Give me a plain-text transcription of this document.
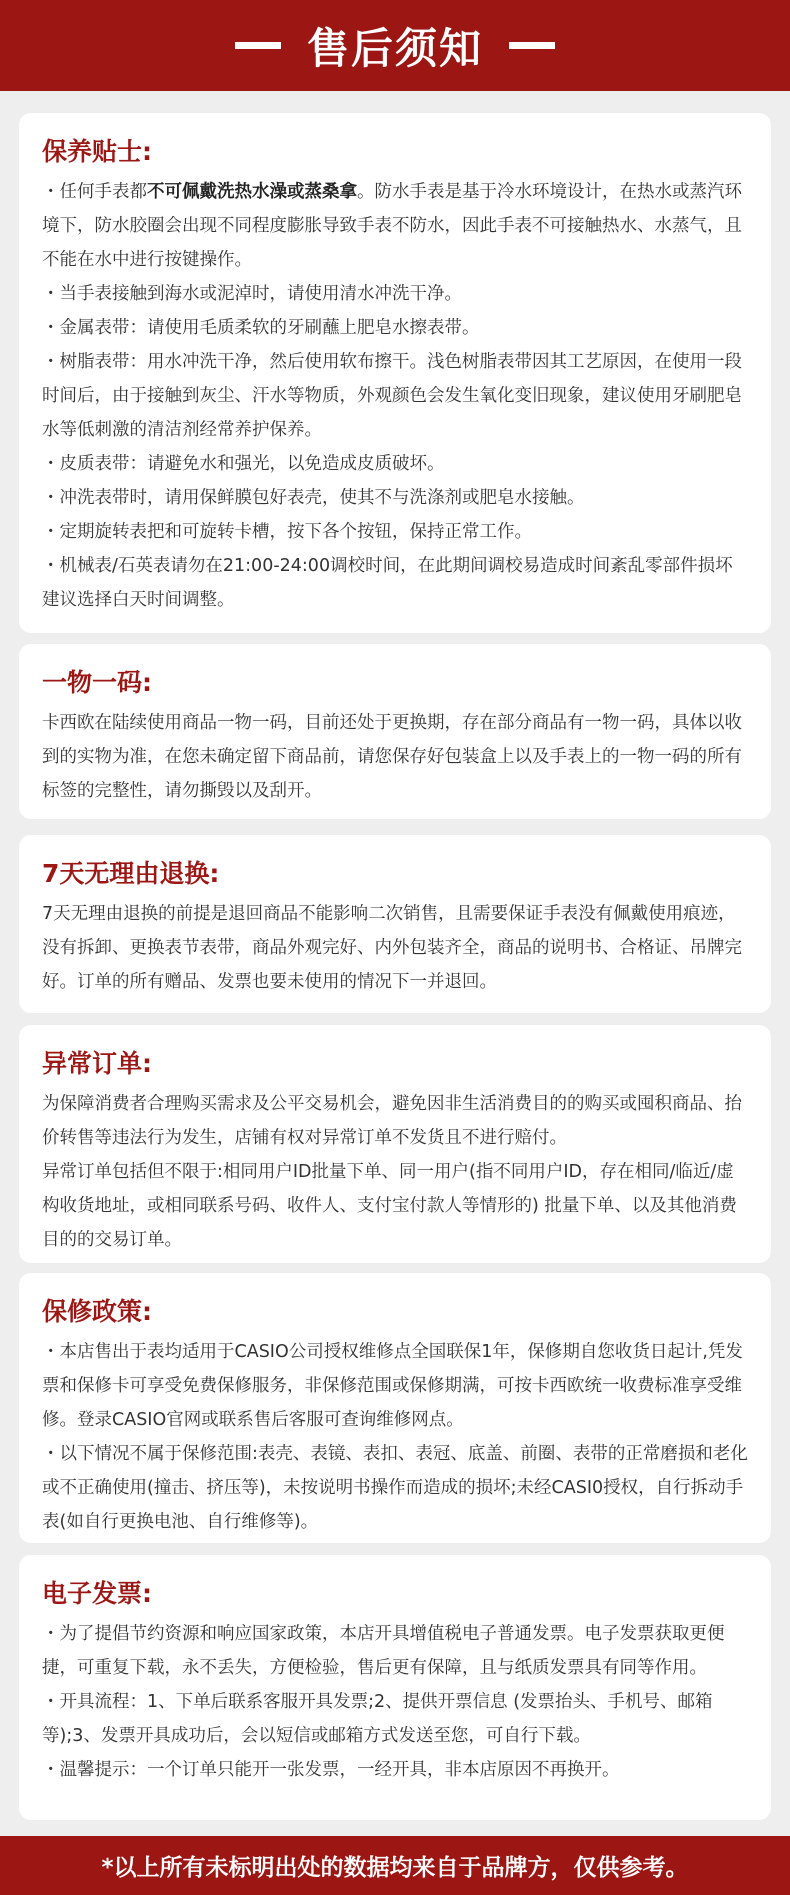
售后须知
保养贴士:

・任何手表都不可佩戴洗热水澡或蒸桑拿。防水手表是基于冷水环境设计，在热水或蒸汽环境下，防水胶圈会出现不同程度膨胀导致手表不防水，因此手表不可接触热水、水蒸气，且不能在水中进行按键操作。

・当手表接触到海水或泥淖时，请使用清水冲洗干净。

・金属表带：请使用毛质柔软的牙刷蘸上肥皂水擦表带。

・树脂表带：用水冲洗干净，然后使用软布擦干。浅色树脂表带因其工艺原因，在使用一段时间后，由于接触到灰尘、汗水等物质，外观颜色会发生氧化变旧现象，建议使用牙刷肥皂水等低刺激的清洁剂经常养护保养。

・皮质表带：请避免水和强光，以免造成皮质破坏。

・冲洗表带时，请用保鲜膜包好表壳，使其不与洗涤剂或肥皂水接触。

・定期旋转表把和可旋转卡槽，按下各个按钮，保持正常工作。

・机械表/石英表请勿在21:00-24:00调校时间，在此期间调校易造成时间紊乱零部件损坏建议选择白天时间调整。

一物一码:

卡西欧在陆续使用商品一物一码，目前还处于更换期，存在部分商品有一物一码，具体以收到的实物为准，在您未确定留下商品前，请您保存好包装盒上以及手表上的一物一码的所有标签的完整性，请勿撕毁以及刮开。

7天无理由退换:

7天无理由退换的前提是退回商品不能影响二次销售，且需要保证手表没有佩戴使用痕迹，没有拆卸、更换表节表带，商品外观完好、内外包装齐全，商品的说明书、合格证、吊牌完好。订单的所有赠品、发票也要未使用的情况下一并退回。

异常订单:

为保障消费者合理购买需求及公平交易机会，避免因非生活消费目的的购买或囤积商品、抬价转售等违法行为发生，店铺有权对异常订单不发货且不进行赔付。

异常订单包括但不限于:相同用户ID批量下单、同一用户(指不同用户ID，存在相同/临近/虚构收货地址，或相同联系号码、收件人、支付宝付款人等情形的) 批量下单、以及其他消费目的的交易订单。

保修政策:

・本店售出于表均适用于CASIO公司授权维修点全国联保1年，保修期自您收货日起计,凭发票和保修卡可享受免费保修服务，非保修范围或保修期满，可按卡西欧统一收费标准享受维修。登录CASIO官网或联系售后客服可查询维修网点。

・以下情况不属于保修范围:表壳、表镜、表扣、表冠、底盖、前圈、表带的正常磨损和老化或不正确使用(撞击、挤压等)，未按说明书操作而造成的损坏;未经CASI0授权，自行拆动手表(如自行更换电池、自行维修等)。

电子发票:

・为了提倡节约资源和响应国家政策，本店开具增值税电子普通发票。电子发票获取更便捷，可重复下载，永不丢失，方便检验，售后更有保障，且与纸质发票具有同等作用。

・开具流程：1、下单后联系客服开具发票;2、提供开票信息 (发票抬头、手机号、邮箱等);3、发票开具成功后，会以短信或邮箱方式发送至您，可自行下载。

・温馨提示：一个订单只能开一张发票，一经开具，非本店原因不再换开。

*以上所有未标明出处的数据均来自于品牌方，仅供参考。
